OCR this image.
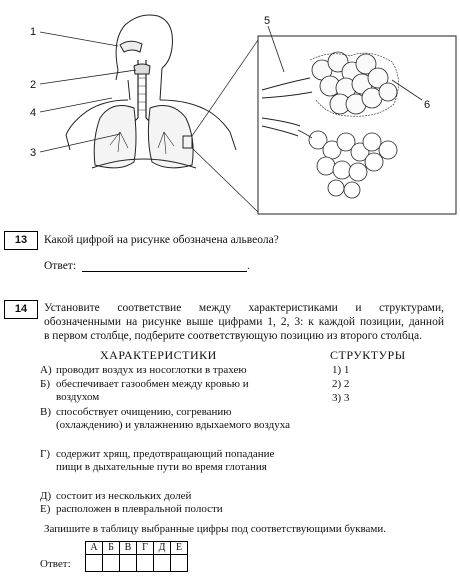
1
2
4
3
5
6

13	Какой цифрой на рисунке обозначена альвеола?
Ответ:	.
14	Установите соответствие между характеристиками и структурами,
обозначенными на рисунке выше цифрами 1, 2, 3: к каждой позиции, данной
в первом столбце, подберите соответствующую позицию из второго столбца.
ХАРАКТЕРИСТИКИ	СТРУКТУРЫ
А) проводит воздух из носоглотки в трахею
Б) обеспечивает газообмен между кровью и воздухом
В) способствует очищению, согреванию (охлаждению) и увлажнению вдыхаемого воздуха
Г) содержит хрящ, предотвращающий попадание пищи в дыхательные пути во время глотания
Д) состоит из нескольких долей
Е) расположен в плевральной полости
1) 1
2) 2
3) 3
Запишите в таблицу выбранные цифры под соответствующими буквами.
Ответ:
А	Б	В	Г	Д	Е
